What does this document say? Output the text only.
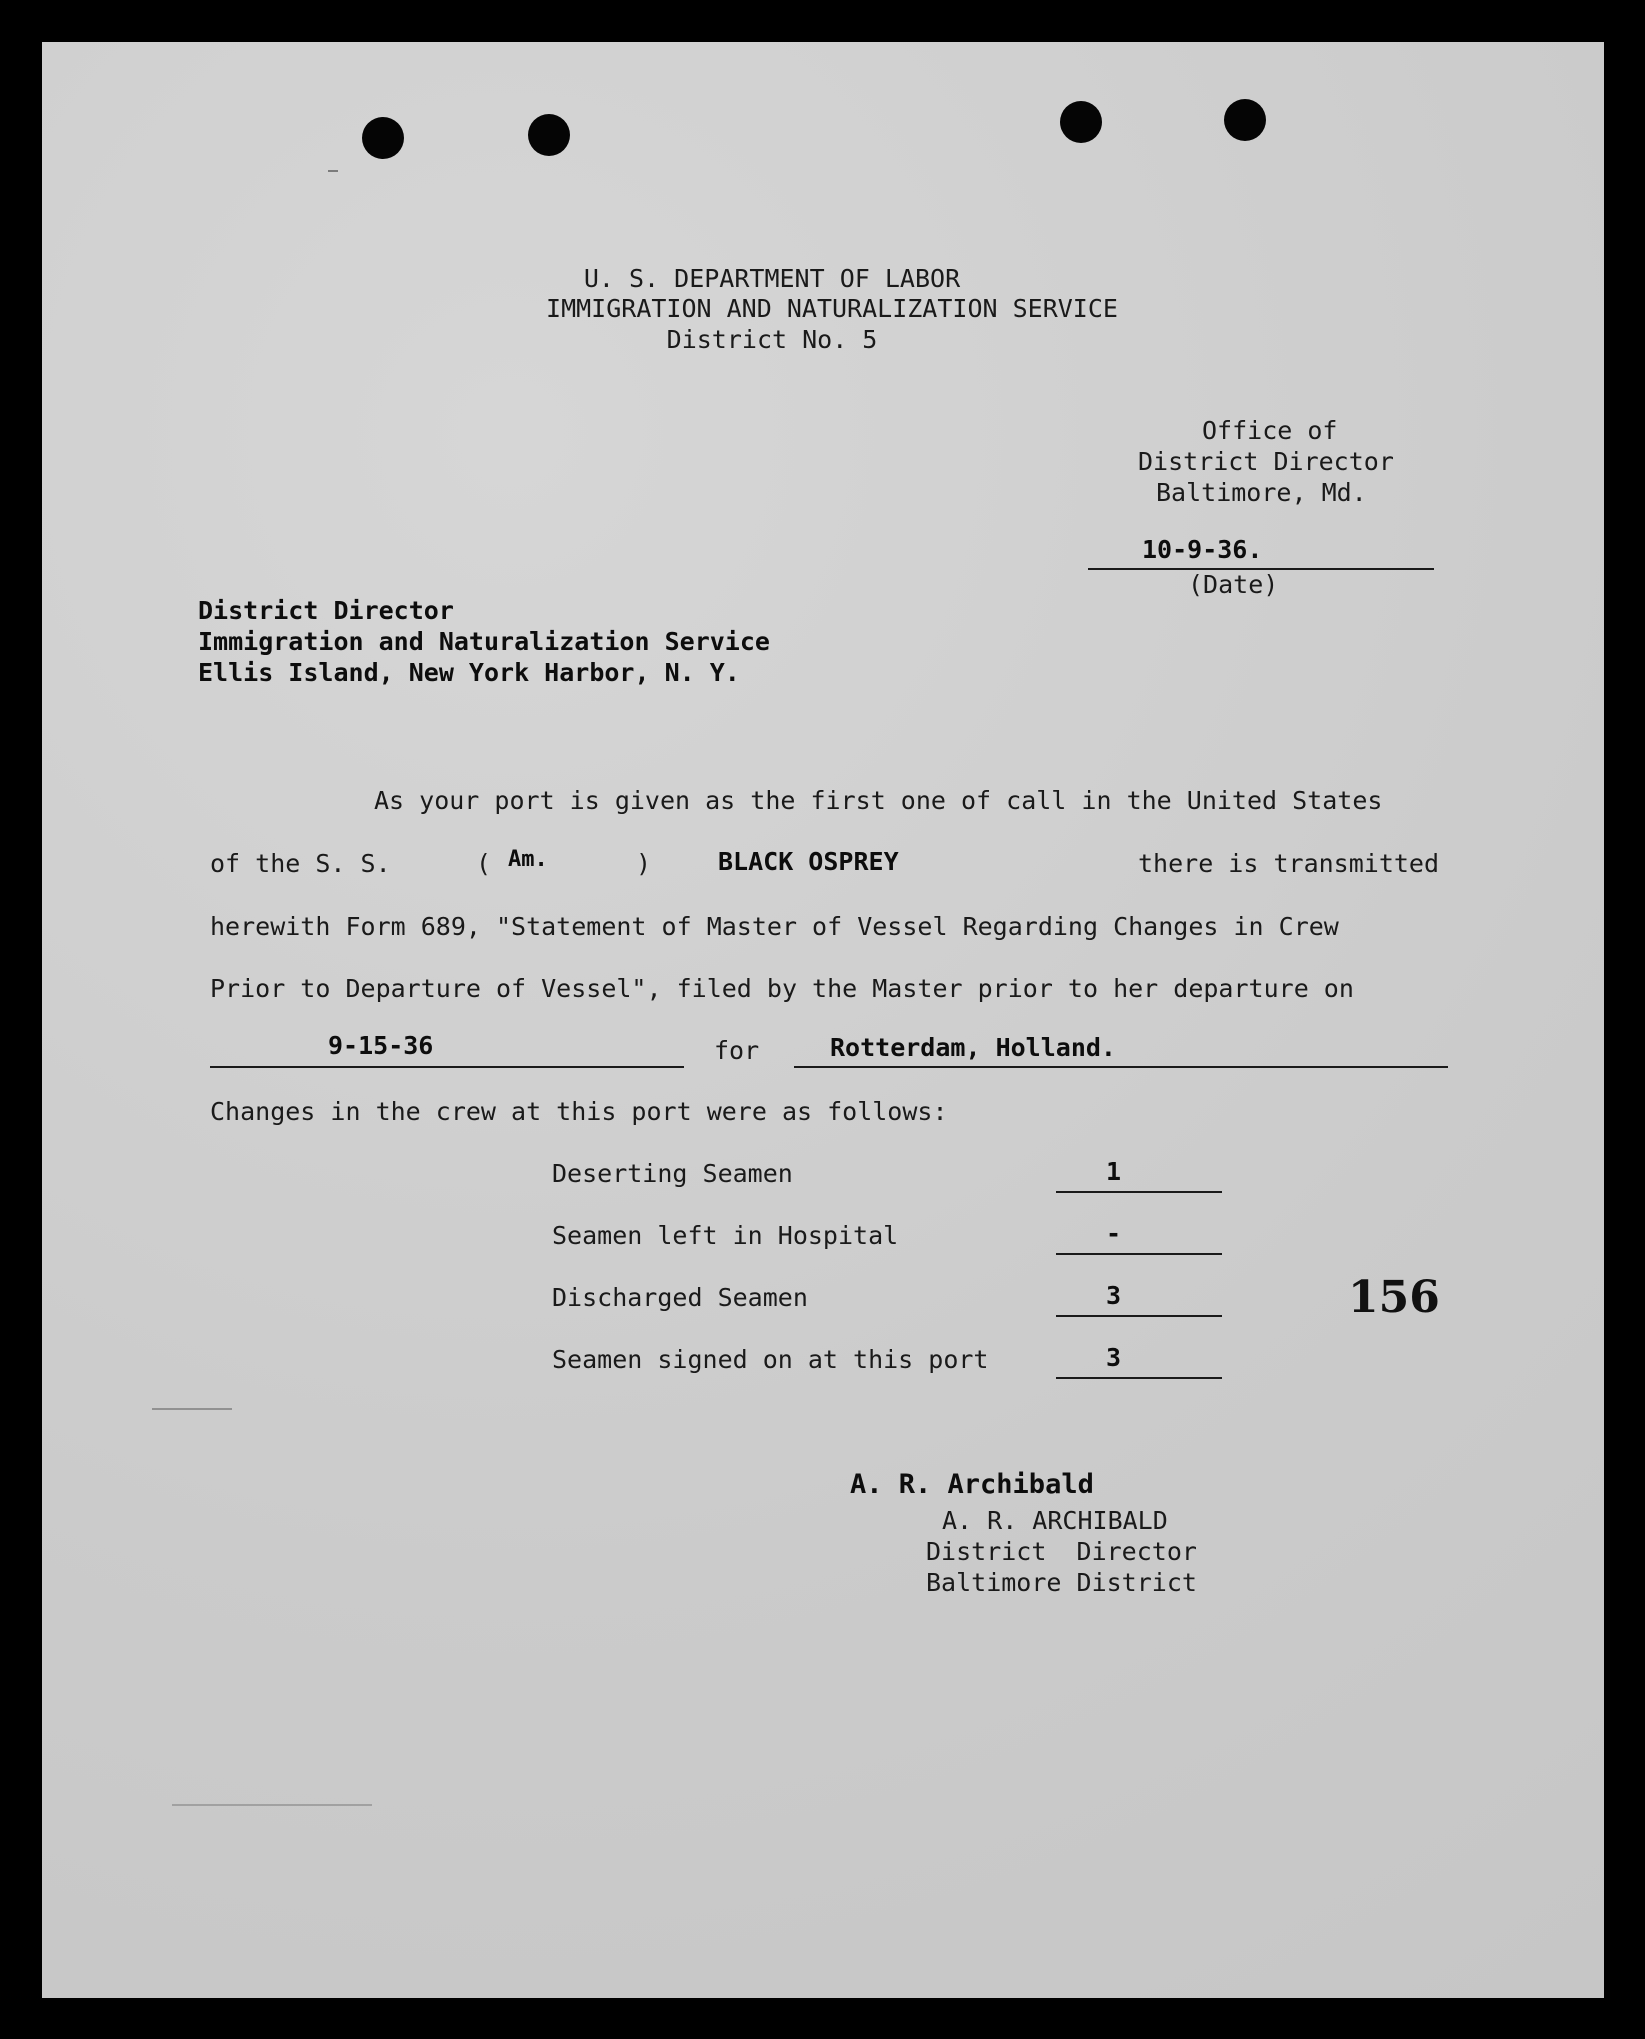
U. S. DEPARTMENT OF LABOR
IMMIGRATION AND NATURALIZATION SERVICE
District No. 5
Office of
District Director
Baltimore, Md.
10-9-36.
(Date)
District Director
Immigration and Naturalization Service
Ellis Island, New York Harbor, N. Y.
As your port is given as the first one of call in the United States
of the S. S.	( Am.	)	BLACK OSPREY	there is transmitted
herewith Form 689, "Statement of Master of Vessel Regarding Changes in Crew
Prior to Departure of Vessel", filed by the Master prior to her departure on
9-15-36	for	Rotterdam, Holland.
Changes in the crew at this port were as follows:
Deserting Seamen	1
Seamen left in Hospital	-
Discharged Seamen	3
Seamen signed on at this port	3
156
A. R. Archibald
A. R. ARCHIBALD
District  Director
Baltimore District
